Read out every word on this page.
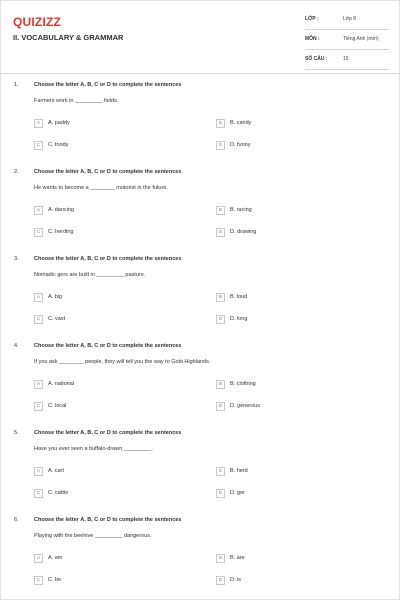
QUIZIZZ
II. VOCABULARY & GRAMMAR
LỚP :	Lớp 8
MÔN :	Tiếng Anh (mới)
SỐ CÂU :	15
1.	Choose the letter A, B, C or D to complete the sentences
Farmers work in _________ fields.
A	A. paddy	B	B. candy
C	C. foody	D	D. funny
2.	Choose the letter A, B, C or D to complete the sentences
He wants to become a ________ motorist in the future.
A	A. dancing	B	B. racing
C	C. herding	D	D. drawing
3.	Choose the letter A, B, C or D to complete the sentences
Nomadic gers are built in _________ pasture.
A	A. big	B	B. loud
C	C. vast	D	D. long
4.	Choose the letter A, B, C or D to complete the sentences
If you ask ________ people, they will tell you the way to Gobi Highlands.
A	A. national	B	B. clothing
C	C. local	D	D. generous
5.	Choose the letter A, B, C or D to complete the sentences
Have you ever seen a buffalo-drawn _________.
A	A. cart	B	B. herd
C	C. cattle	D	D. ger
6.	Choose the letter A, B, C or D to complete the sentences
Playing with the beehive _________ dangerous.
A	A. am	B	B. are
C	C. be	D	D. is
